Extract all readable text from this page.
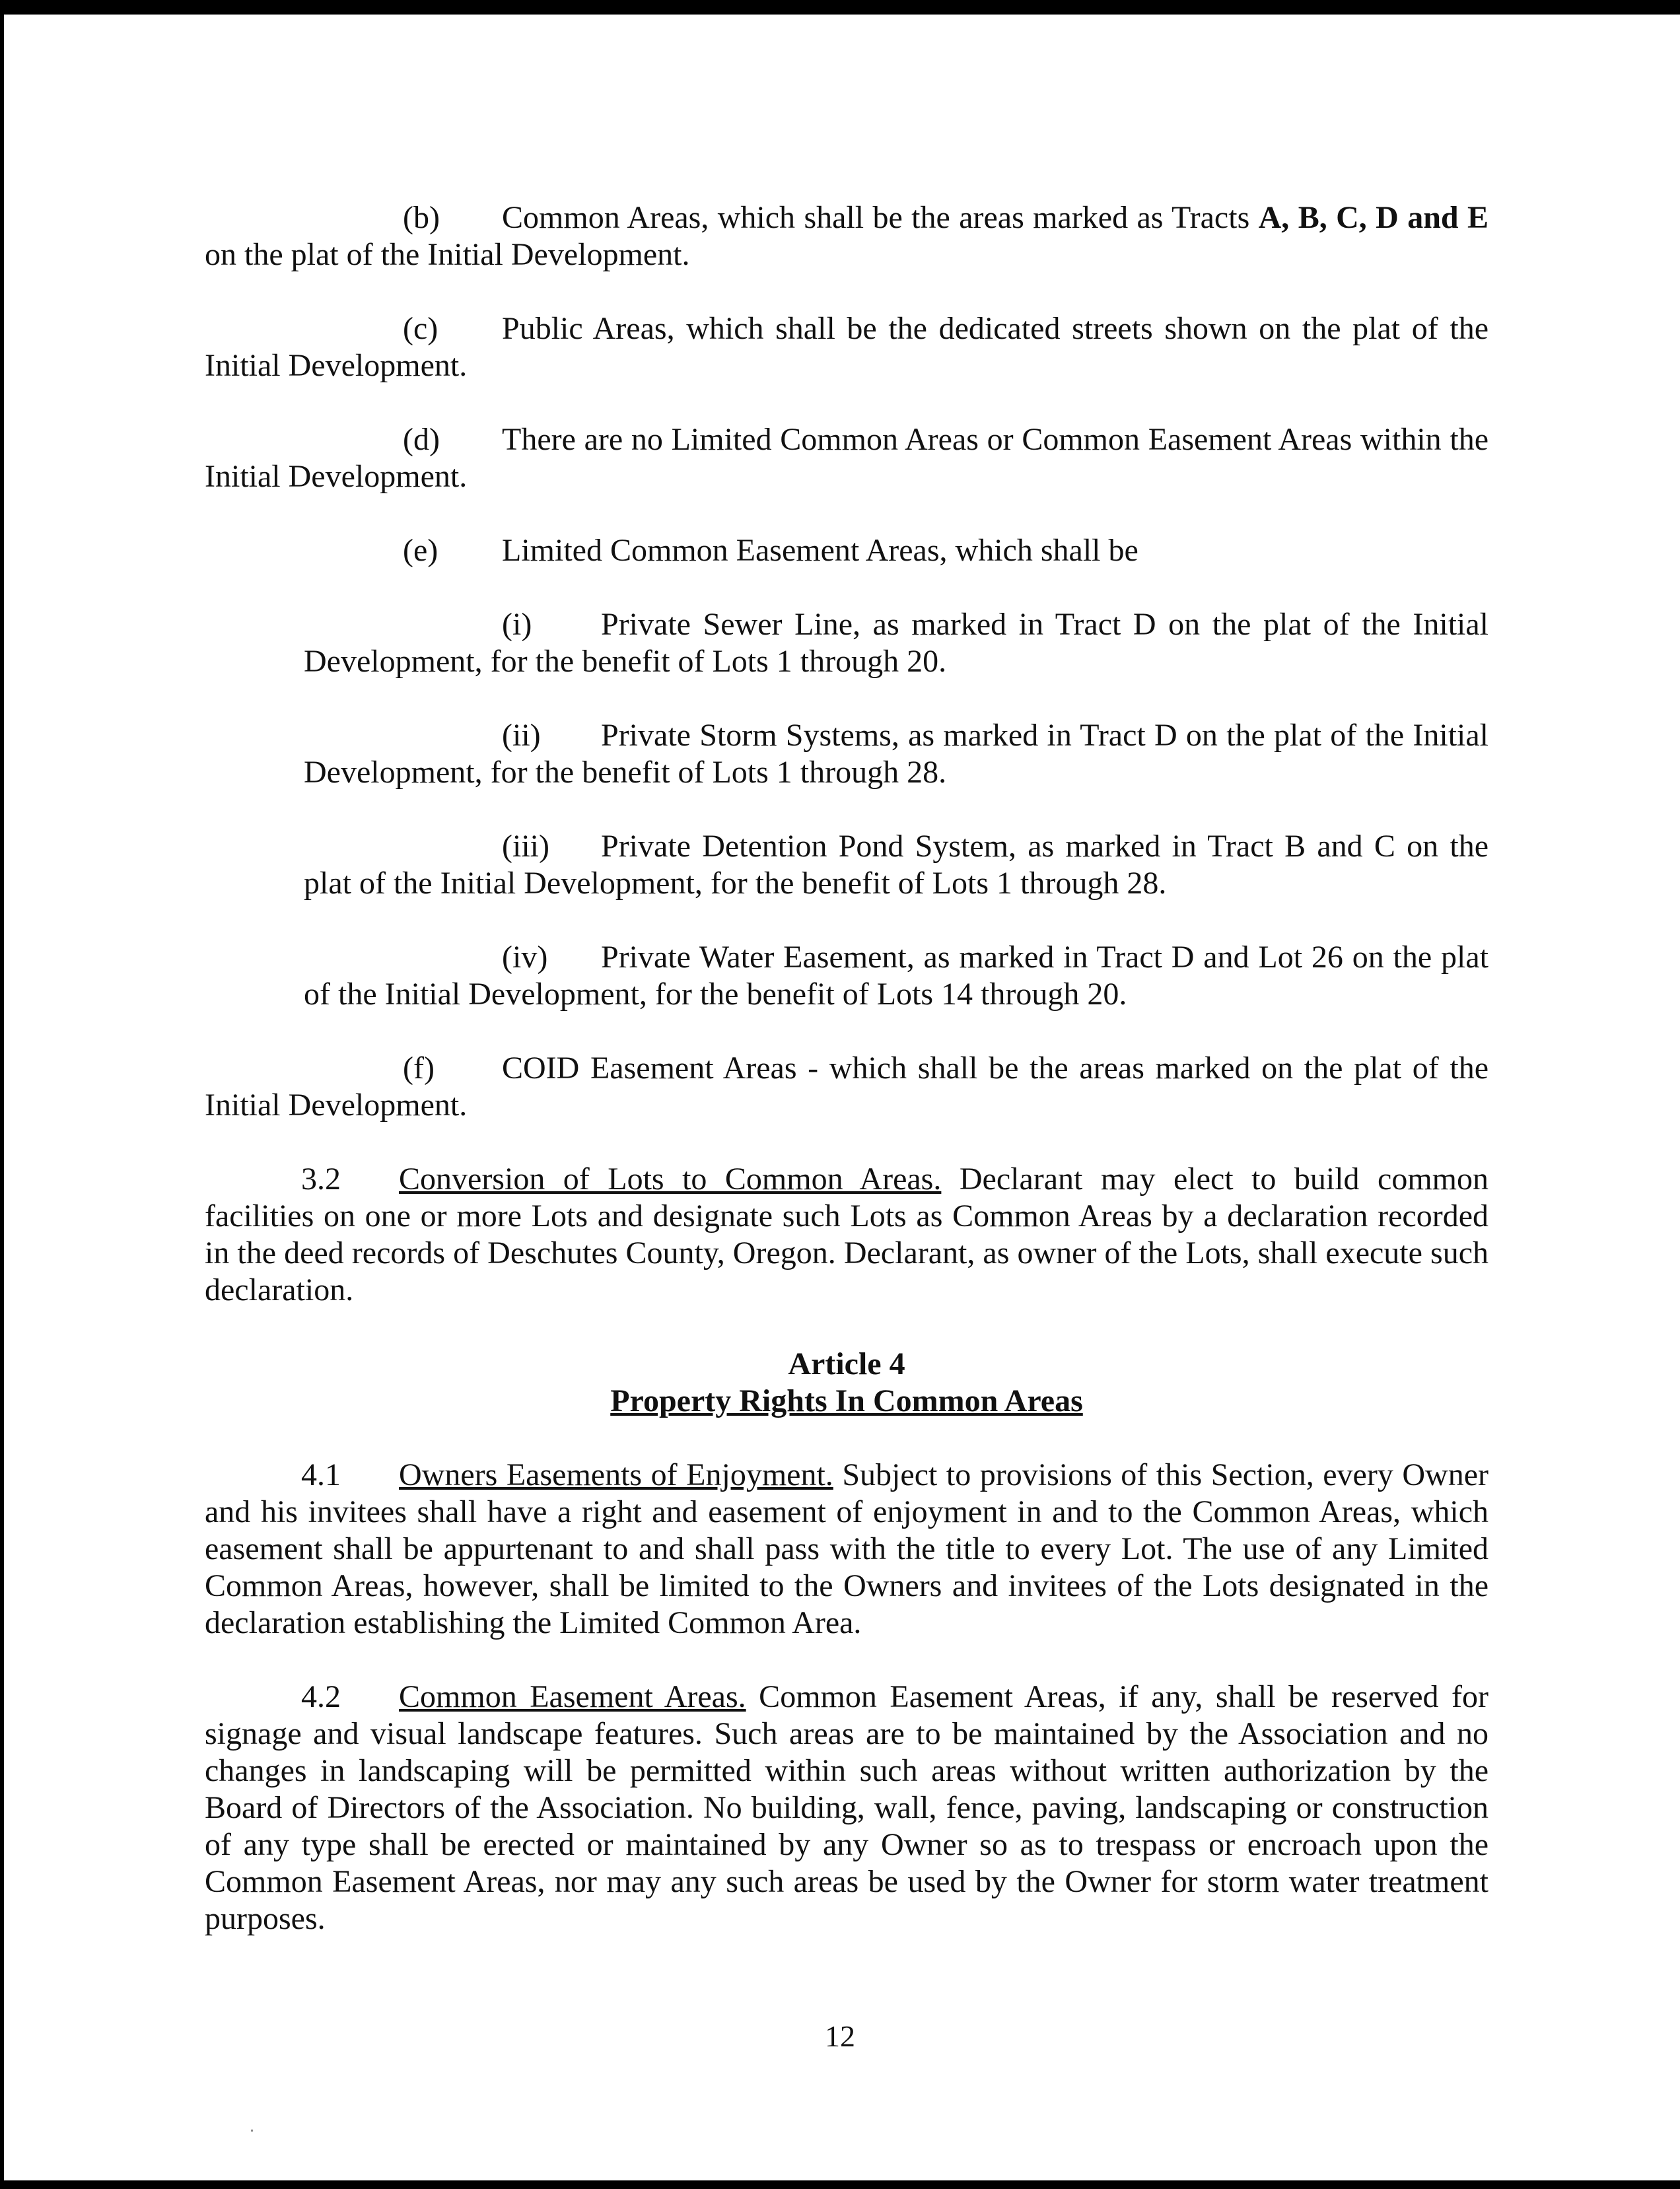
(b) Common Areas, which shall be the areas marked as Tracts A, B, C, D and E on the plat of the Initial Development.

(c) Public Areas, which shall be the dedicated streets shown on the plat of the Initial Development.

(d) There are no Limited Common Areas or Common Easement Areas within the Initial Development.

(e) Limited Common Easement Areas, which shall be

(i) Private Sewer Line, as marked in Tract D on the plat of the Initial Development, for the benefit of Lots 1 through 20.

(ii) Private Storm Systems, as marked in Tract D on the plat of the Initial Development, for the benefit of Lots 1 through 28.

(iii) Private Detention Pond System, as marked in Tract B and C on the plat of the Initial Development, for the benefit of Lots 1 through 28.

(iv) Private Water Easement, as marked in Tract D and Lot 26 on the plat of the Initial Development, for the benefit of Lots 14 through 20.

(f) COID Easement Areas - which shall be the areas marked on the plat of the Initial Development.

3.2 Conversion of Lots to Common Areas. Declarant may elect to build common facilities on one or more Lots and designate such Lots as Common Areas by a declaration recorded in the deed records of Deschutes County, Oregon. Declarant, as owner of the Lots, shall execute such declaration.

Article 4
Property Rights In Common Areas

4.1 Owners Easements of Enjoyment. Subject to provisions of this Section, every Owner and his invitees shall have a right and easement of enjoyment in and to the Common Areas, which easement shall be appurtenant to and shall pass with the title to every Lot. The use of any Limited Common Areas, however, shall be limited to the Owners and invitees of the Lots designated in the declaration establishing the Limited Common Area.

4.2 Common Easement Areas. Common Easement Areas, if any, shall be reserved for signage and visual landscape features. Such areas are to be maintained by the Association and no changes in landscaping will be permitted within such areas without written authorization by the Board of Directors of the Association. No building, wall, fence, paving, landscaping or construction of any type shall be erected or maintained by any Owner so as to trespass or encroach upon the Common Easement Areas, nor may any such areas be used by the Owner for storm water treatment purposes.

12
